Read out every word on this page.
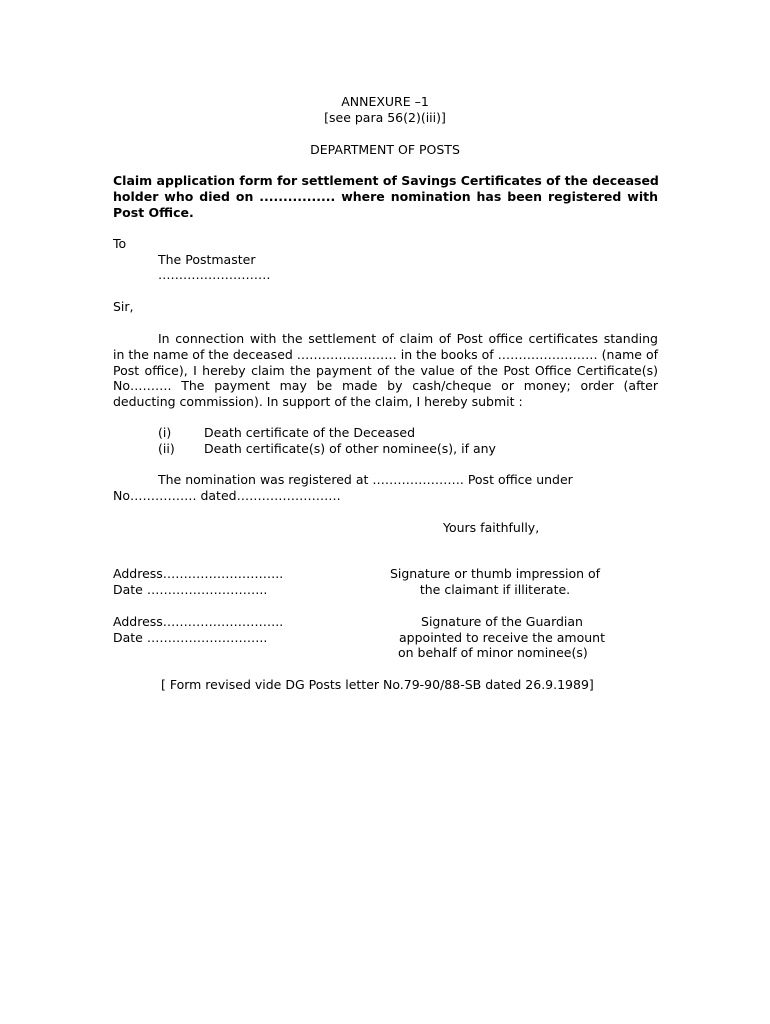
ANNEXURE –1
[see para 56(2)(iii)]
DEPARTMENT OF POSTS
Claim application form for settlement of Savings Certificates of the deceased
holder who died on ................ where nomination has been registered with
Post Office.
To
The Postmaster
………………………
Sir,
In connection with the settlement of claim of Post office certificates standing
in the name of the deceased …………………… in the books of …………………… (name of
Post office), I hereby claim the payment of the value of the Post Office Certificate(s)
No………. The payment may be made by cash/cheque or money; order (after
deducting commission). In support of the claim, I hereby submit :
(i)	Death certificate of the Deceased
(ii) Death certificate(s) of other nominee(s), if any
The nomination was registered at …………………. Post office under
No……………. dated…………………….
Yours faithfully,
Address………………………..
Date ………………………..
Signature or thumb impression of
the claimant if illiterate.
Address………………………..
Date ………………………..
Signature of the Guardian
appointed to receive the amount
on behalf of minor nominee(s)
[ Form revised vide DG Posts letter No.79-90/88-SB dated 26.9.1989]
